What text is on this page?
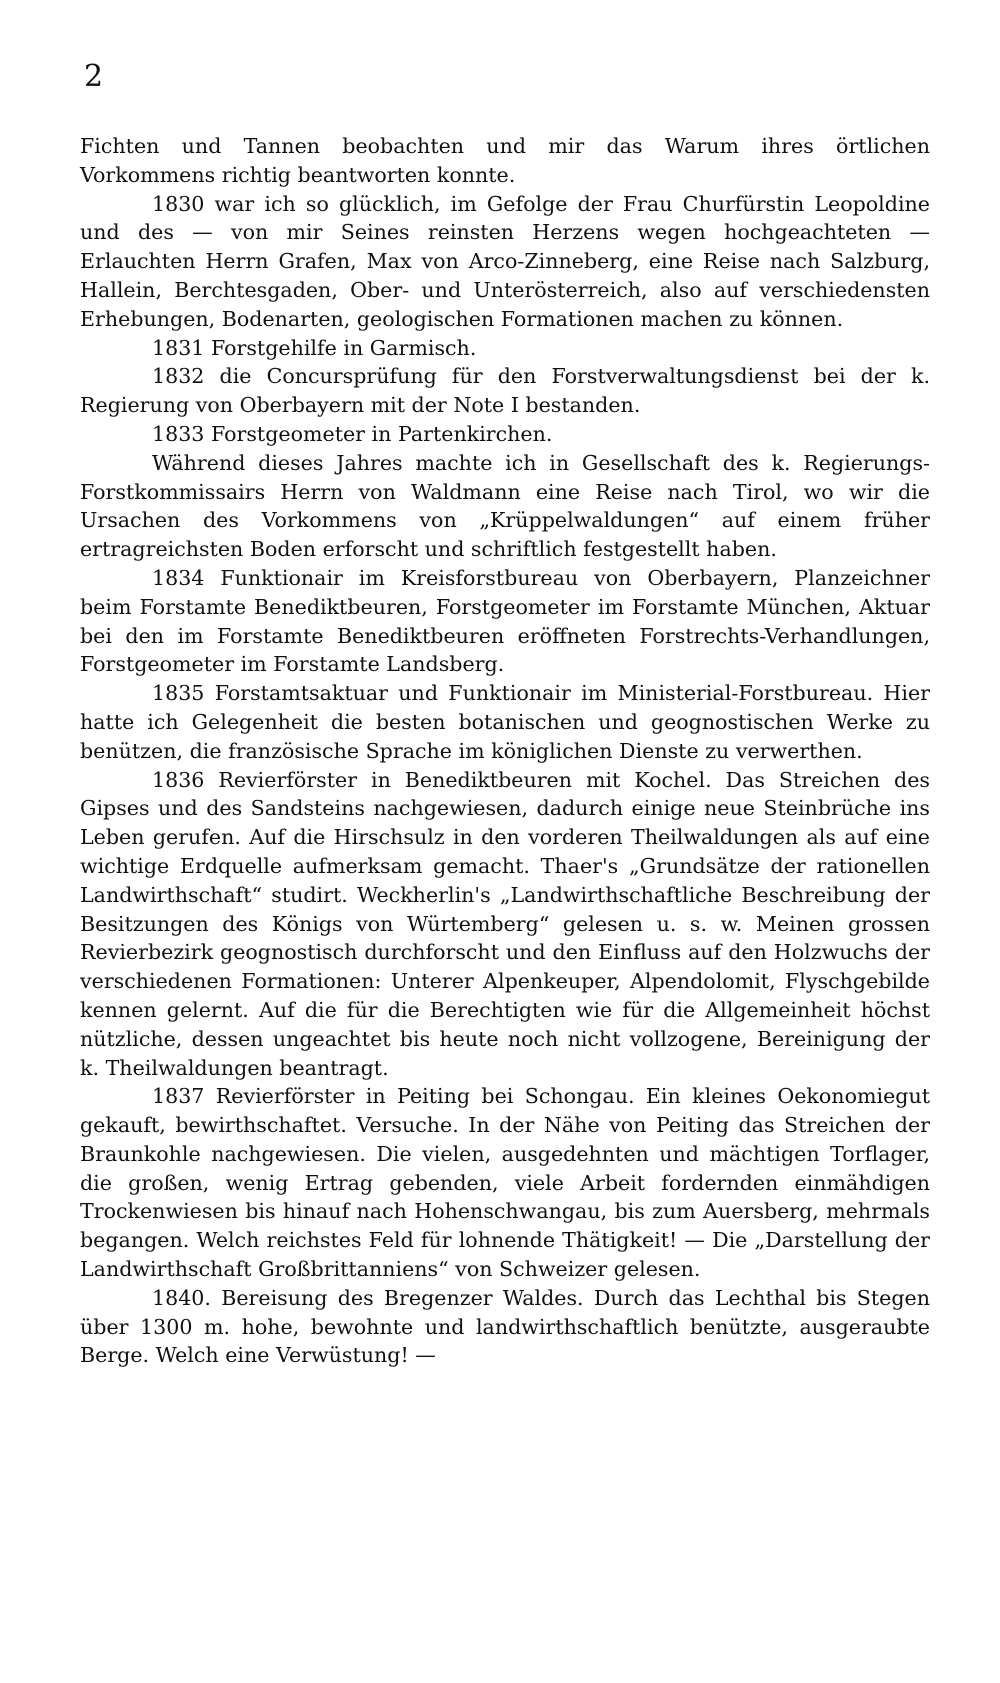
2

Fichten und Tannen beobachten und mir das Warum ihres örtlichen Vorkommens richtig beantworten konnte.

1830 war ich so glücklich, im Gefolge der Frau Churfürstin Leopoldine und des — von mir Seines reinsten Herzens wegen hochgeachteten — Erlauchten Herrn Grafen, Max von Arco-Zinneberg, eine Reise nach Salzburg, Hallein, Berchtesgaden, Ober- und Unterösterreich, also auf verschiedensten Erhebungen, Bodenarten, geologischen Formationen machen zu können.

1831 Forstgehilfe in Garmisch.

1832 die Concursprüfung für den Forstverwaltungsdienst bei der k. Regierung von Oberbayern mit der Note I bestanden.

1833 Forstgeometer in Partenkirchen.

Während dieses Jahres machte ich in Gesellschaft des k. Regierungs-Forstkommissairs Herrn von Waldmann eine Reise nach Tirol, wo wir die Ursachen des Vorkommens von „Krüppelwaldungen“ auf einem früher ertragreichsten Boden erforscht und schriftlich festgestellt haben.

1834 Funktionair im Kreisforstbureau von Oberbayern, Planzeichner beim Forstamte Benediktbeuren, Forstgeometer im Forstamte München, Aktuar bei den im Forstamte Benediktbeuren eröffneten Forstrechts-Verhandlungen, Forstgeometer im Forstamte Landsberg.

1835 Forstamtsaktuar und Funktionair im Ministerial-Forstbureau. Hier hatte ich Gelegenheit die besten botanischen und geognostischen Werke zu benützen, die französische Sprache im königlichen Dienste zu verwerthen.

1836 Revierförster in Benediktbeuren mit Kochel. Das Streichen des Gipses und des Sandsteins nachgewiesen, dadurch einige neue Steinbrüche ins Leben gerufen. Auf die Hirschsulz in den vorderen Theilwaldungen als auf eine wichtige Erdquelle aufmerksam gemacht. Thaer's „Grundsätze der rationellen Landwirthschaft“ studirt. Weckherlin's „Landwirthschaftliche Beschreibung der Besitzungen des Königs von Würtemberg“ gelesen u. s. w. Meinen grossen Revierbezirk geognostisch durchforscht und den Einfluss auf den Holzwuchs der verschiedenen Formationen: Unterer Alpenkeuper, Alpendolomit, Flyschgebilde kennen gelernt. Auf die für die Berechtigten wie für die Allgemeinheit höchst nützliche, dessen ungeachtet bis heute noch nicht vollzogene, Bereinigung der k. Theilwaldungen beantragt.

1837 Revierförster in Peiting bei Schongau. Ein kleines Oekonomiegut gekauft, bewirthschaftet. Versuche. In der Nähe von Peiting das Streichen der Braunkohle nachgewiesen. Die vielen, ausgedehnten und mächtigen Torflager, die großen, wenig Ertrag gebenden, viele Arbeit fordernden einmähdigen Trockenwiesen bis hinauf nach Hohenschwangau, bis zum Auersberg, mehrmals begangen. Welch reichstes Feld für lohnende Thätigkeit! — Die „Darstellung der Landwirthschaft Großbrittanniens“ von Schweizer gelesen.

1840. Bereisung des Bregenzer Waldes. Durch das Lechthal bis Stegen über 1300 m. hohe, bewohnte und landwirthschaftlich benützte, ausgeraubte Berge. Welch eine Verwüstung! —
